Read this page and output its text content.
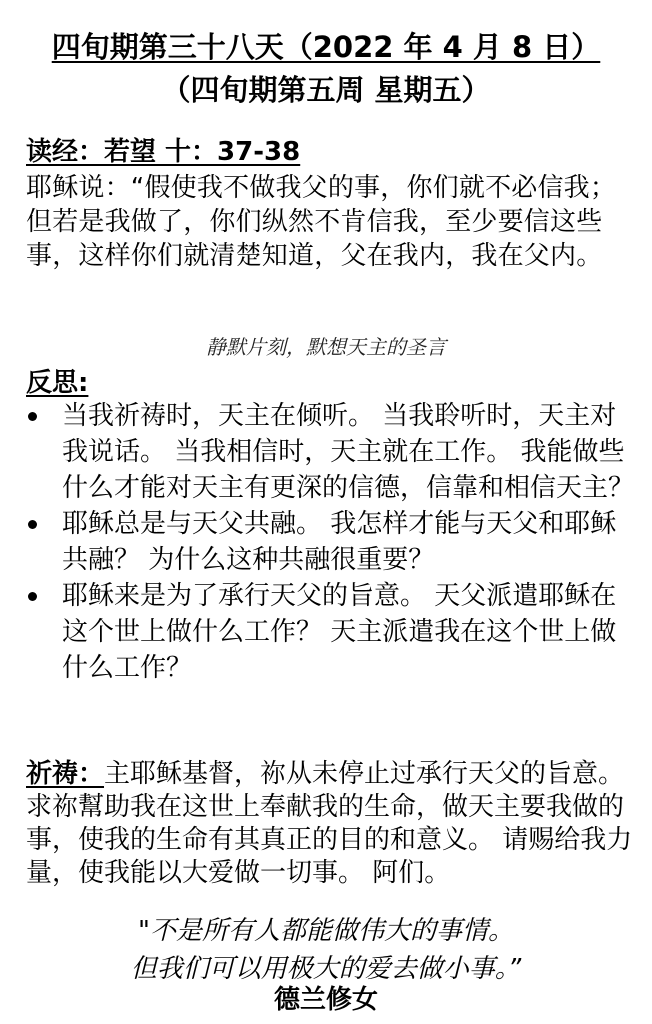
四旬期第三十八天（2022 年 4 月 8 日）
（四旬期第五周 星期五）
读经：若望 十：37-38

耶稣说：“假使我不做我父的事，你们就不必信我；

但若是我做了，你们纵然不肯信我，至少要信这些事，这样你们就清楚知道，父在我内，我在父内。

静默片刻，默想天主的圣言
反思:
当我祈祷时，天主在倾听。 当我聆听时，天主对我说话。 当我相信时，天主就在工作。 我能做些什么才能对天主有更深的信德，信靠和相信天主？
耶稣总是与天父共融。 我怎样才能与天父和耶稣共融？ 为什么这种共融很重要？
耶稣来是为了承行天父的旨意。 天父派遣耶稣在这个世上做什么工作？ 天主派遣我在这个世上做什么工作？

祈祷：主耶稣基督，祢从未停止过承行天父的旨意。 求祢幫助我在这世上奉献我的生命，做天主要我做的事，使我的生命有其真正的目的和意义。 请赐给我力量，使我能以大爱做一切事。 阿们。

"不是所有人都能做伟大的事情。
但我们可以用极大的爱去做小事。”
德兰修女
